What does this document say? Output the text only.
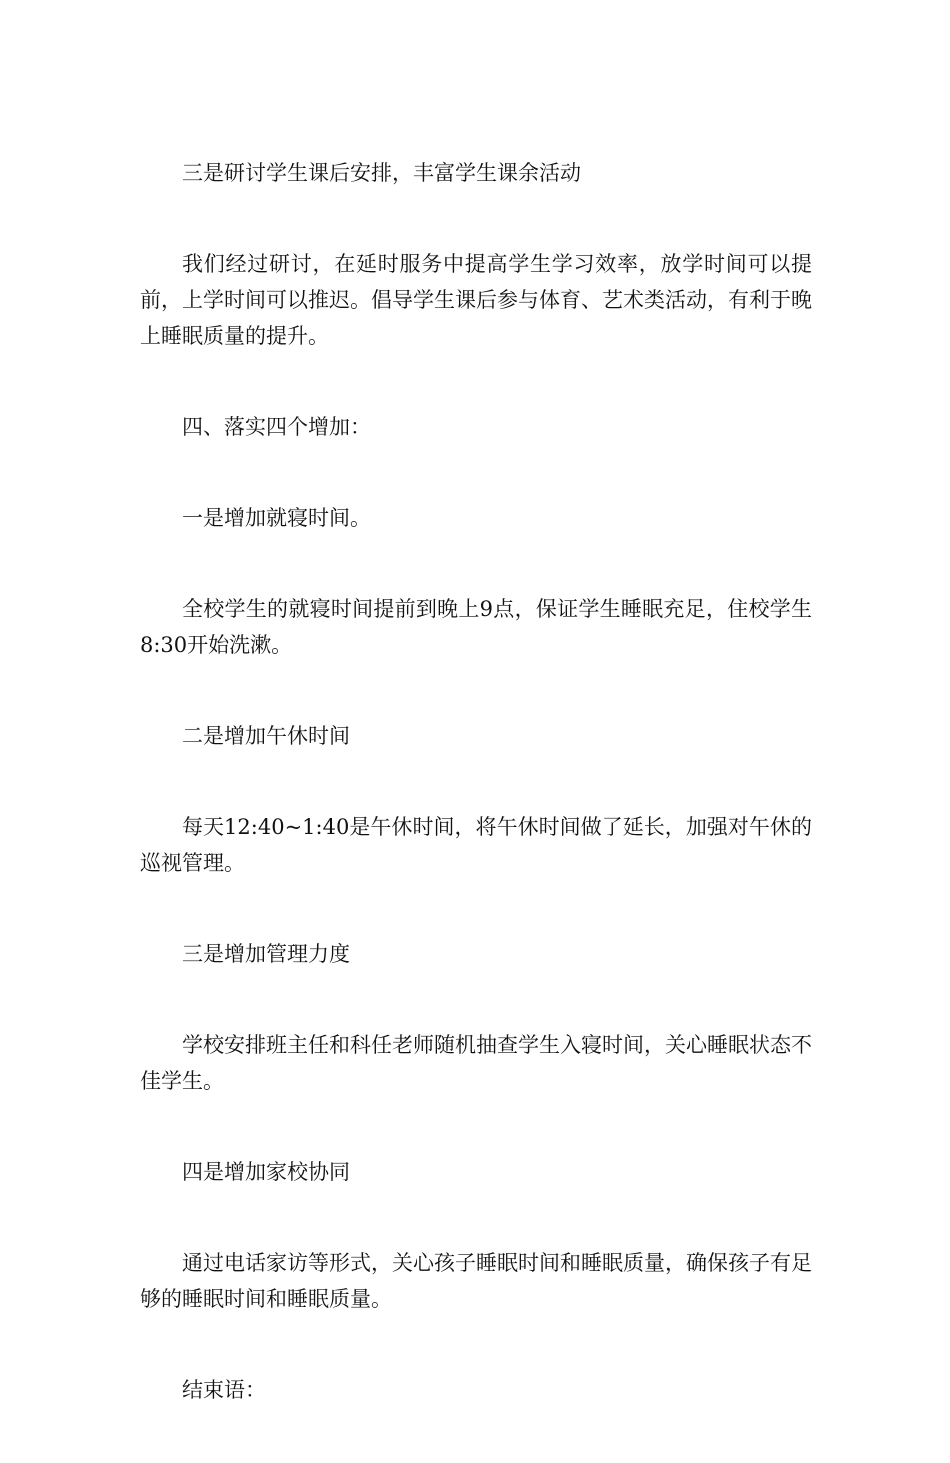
三是研讨学生课后安排，丰富学生课余活动

我们经过研讨，在延时服务中提高学生学习效率，放学时间可以提前，上学时间可以推迟。倡导学生课后参与体育、艺术类活动，有利于晚上睡眠质量的提升。

四、落实四个增加：

一是增加就寝时间。

全校学生的就寝时间提前到晚上9点，保证学生睡眠充足，住校学生8:30开始洗漱。

二是增加午休时间

每天12:40~1:40是午休时间，将午休时间做了延长，加强对午休的巡视管理。

三是增加管理力度

学校安排班主任和科任老师随机抽查学生入寝时间，关心睡眠状态不佳学生。

四是增加家校协同

通过电话家访等形式，关心孩子睡眠时间和睡眠质量，确保孩子有足够的睡眠时间和睡眠质量。

结束语：
